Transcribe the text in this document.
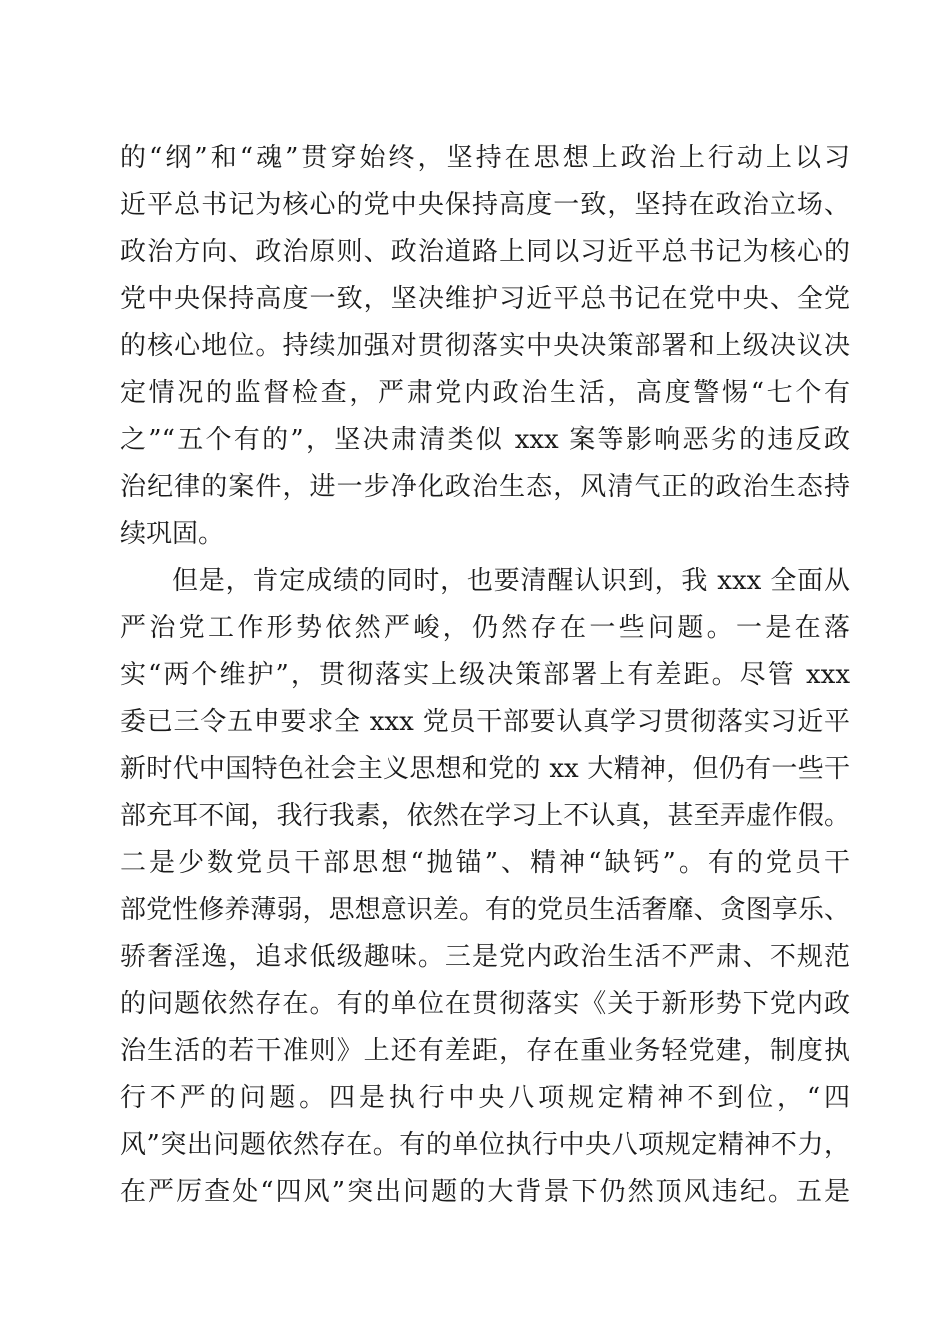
的“纲”和“魂”贯穿始终，坚持在思想上政治上行动上以习
近平总书记为核心的党中央保持高度一致，坚持在政治立场、
政治方向、政治原则、政治道路上同以习近平总书记为核心的
党中央保持高度一致，坚决维护习近平总书记在党中央、全党
的核心地位。持续加强对贯彻落实中央决策部署和上级决议决
定情况的监督检查，严肃党内政治生活，高度警惕“七个有
之”“五个有的”，坚决肃清类似 xxx 案等影响恶劣的违反政
治纪律的案件，进一步净化政治生态，风清气正的政治生态持
续巩固。
但是，肯定成绩的同时，也要清醒认识到，我 xxx 全面从
严治党工作形势依然严峻，仍然存在一些问题。一是在落
实“两个维护”，贯彻落实上级决策部署上有差距。尽管 xxx
委已三令五申要求全 xxx 党员干部要认真学习贯彻落实习近平
新时代中国特色社会主义思想和党的 xx 大精神，但仍有一些干
部充耳不闻，我行我素，依然在学习上不认真，甚至弄虚作假。
二是少数党员干部思想“抛锚”、精神“缺钙”。有的党员干
部党性修养薄弱，思想意识差。有的党员生活奢靡、贪图享乐、
骄奢淫逸，追求低级趣味。三是党内政治生活不严肃、不规范
的问题依然存在。有的单位在贯彻落实《关于新形势下党内政
治生活的若干准则》上还有差距，存在重业务轻党建，制度执
行不严的问题。四是执行中央八项规定精神不到位，“四
风”突出问题依然存在。有的单位执行中央八项规定精神不力，
在严厉查处“四风”突出问题的大背景下仍然顶风违纪。五是
